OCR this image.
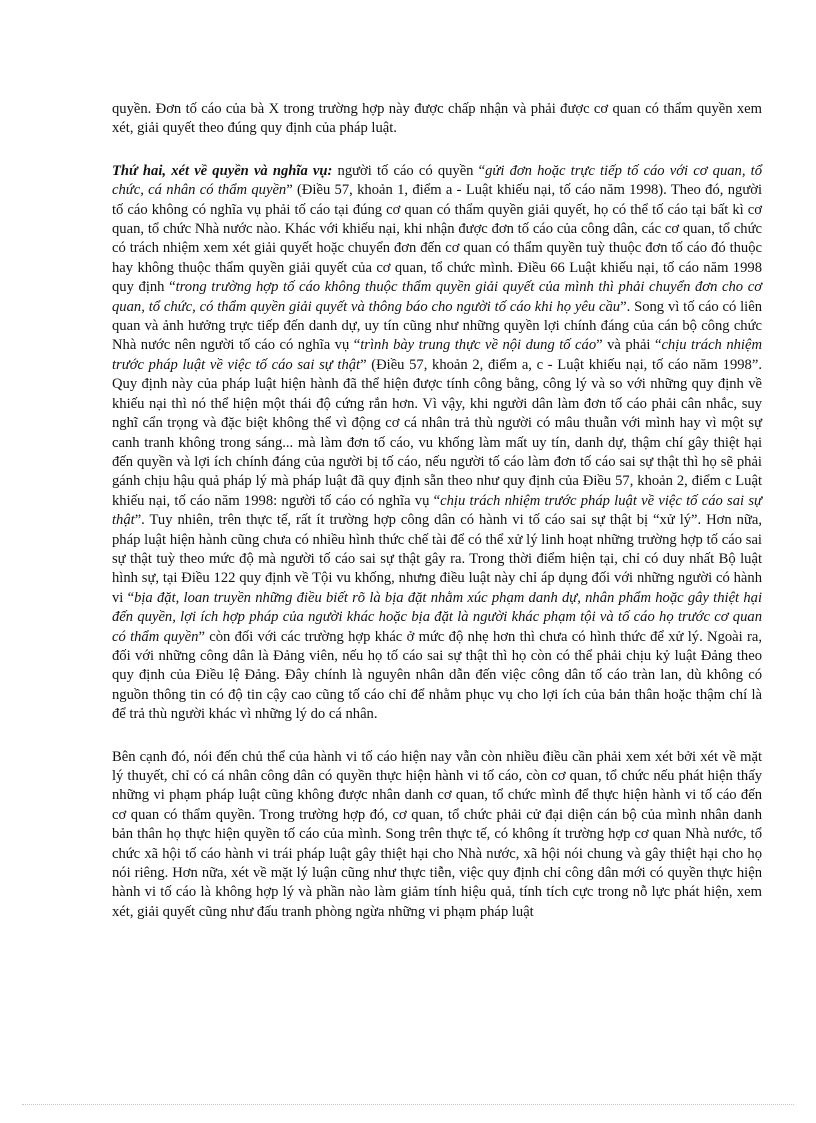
quyền. Đơn tố cáo của bà X trong trường hợp này được chấp nhận và phải được cơ quan có thẩm quyền xem xét, giải quyết theo đúng quy định của pháp luật.

Thứ hai, xét về quyền và nghĩa vụ: người tố cáo có quyền “gửi đơn hoặc trực tiếp tố cáo với cơ quan, tổ chức, cá nhân có thẩm quyền” (Điều 57, khoản 1, điểm a - Luật khiếu nại, tố cáo năm 1998). Theo đó, người tố cáo không có nghĩa vụ phải tố cáo tại đúng cơ quan có thẩm quyền giải quyết, họ có thể tố cáo tại bất kì cơ quan, tổ chức Nhà nước nào. Khác với khiếu nại, khi nhận được đơn tố cáo của công dân, các cơ quan, tổ chức có trách nhiệm xem xét giải quyết hoặc chuyển đơn đến cơ quan có thẩm quyền tuỳ thuộc đơn tố cáo đó thuộc hay không thuộc thẩm quyền giải quyết của cơ quan, tổ chức mình. Điều 66 Luật khiếu nại, tố cáo năm 1998 quy định “trong trường hợp tố cáo không thuộc thẩm quyền giải quyết của mình thì phải chuyển đơn cho cơ quan, tổ chức, có thẩm quyền giải quyết và thông báo cho người tố cáo khi họ yêu cầu”. Song vì tố cáo có liên quan và ảnh hưởng trực tiếp đến danh dự, uy tín cũng như những quyền lợi chính đáng của cán bộ công chức Nhà nước nên người tố cáo có nghĩa vụ “trình bày trung thực về nội dung tố cáo” và phải “chịu trách nhiệm trước pháp luật về việc tố cáo sai sự thật” (Điều 57, khoản 2, điểm a, c - Luật khiếu nại, tố cáo năm 1998”. Quy định này của pháp luật hiện hành đã thể hiện được tính công bằng, công lý và so với những quy định về khiếu nại thì nó thể hiện một thái độ cứng rắn hơn. Vì vậy, khi người dân làm đơn tố cáo phải cân nhắc, suy nghĩ cẩn trọng và đặc biệt không thể vì động cơ cá nhân trả thù người có mâu thuẫn với mình hay vì một sự canh tranh không trong sáng... mà làm đơn tố cáo, vu khống làm mất uy tín, danh dự, thậm chí gây thiệt hại đến quyền và lợi ích chính đáng của người bị tố cáo, nếu người tố cáo làm đơn tố cáo sai sự thật thì họ sẽ phải gánh chịu hậu quả pháp lý mà pháp luật đã quy định sẵn theo như quy định của Điều 57, khoản 2, điểm c Luật khiếu nại, tố cáo năm 1998: người tố cáo có nghĩa vụ “chịu trách nhiệm trước pháp luật về việc tố cáo sai sự thật”. Tuy nhiên, trên thực tế, rất ít trường hợp công dân có hành vi tố cáo sai sự thật bị “xử lý”. Hơn nữa, pháp luật hiện hành cũng chưa có nhiều hình thức chế tài để có thể xử lý linh hoạt những trường hợp tố cáo sai sự thật tuỳ theo mức độ mà người tố cáo sai sự thật gây ra. Trong thời điểm hiện tại, chỉ có duy nhất Bộ luật hình sự, tại Điều 122 quy định về Tội vu khống, nhưng điều luật này chỉ áp dụng đối với những người có hành vi “bịa đặt, loan truyền những điều biết rõ là bịa đặt nhằm xúc phạm danh dự, nhân phẩm hoặc gây thiệt hại đến quyền, lợi ích hợp pháp của người khác hoặc bịa đặt là người khác phạm tội và tố cáo họ trước cơ quan có thẩm quyền” còn đối với các trường hợp khác ở mức độ nhẹ hơn thì chưa có hình thức để xử lý. Ngoài ra, đối với những công dân là Đảng viên, nếu họ tố cáo sai sự thật thì họ còn có thể phải chịu kỷ luật Đảng theo quy định của Điều lệ Đảng. Đây chính là nguyên nhân dẫn đến việc công dân tố cáo tràn lan, dù không có nguồn thông tin có độ tin cậy cao cũng tố cáo chỉ để nhằm phục vụ cho lợi ích của bản thân hoặc thậm chí là để trả thù người khác vì những lý do cá nhân.

Bên cạnh đó, nói đến chủ thể của hành vi tố cáo hiện nay vẫn còn nhiều điều cần phải xem xét bởi xét về mặt lý thuyết, chỉ có cá nhân công dân có quyền thực hiện hành vi tố cáo, còn cơ quan, tổ chức nếu phát hiện thấy những vi phạm pháp luật cũng không được nhân danh cơ quan, tổ chức mình để thực hiện hành vi tố cáo đến cơ quan có thẩm quyền. Trong trường hợp đó, cơ quan, tổ chức phải cử đại diện cán bộ của mình nhân danh bản thân họ thực hiện quyền tố cáo của mình. Song trên thực tế, có không ít trường hợp cơ quan Nhà nước, tổ chức xã hội tố cáo hành vi trái pháp luật gây thiệt hại cho Nhà nước, xã hội nói chung và gây thiệt hại cho họ nói riêng. Hơn nữa, xét về mặt lý luận cũng như thực tiễn, việc quy định chỉ công dân mới có quyền thực hiện hành vi tố cáo là không hợp lý và phần nào làm giảm tính hiệu quả, tính tích cực trong nỗ lực phát hiện, xem xét, giải quyết cũng như đấu tranh phòng ngừa những vi phạm pháp luật
